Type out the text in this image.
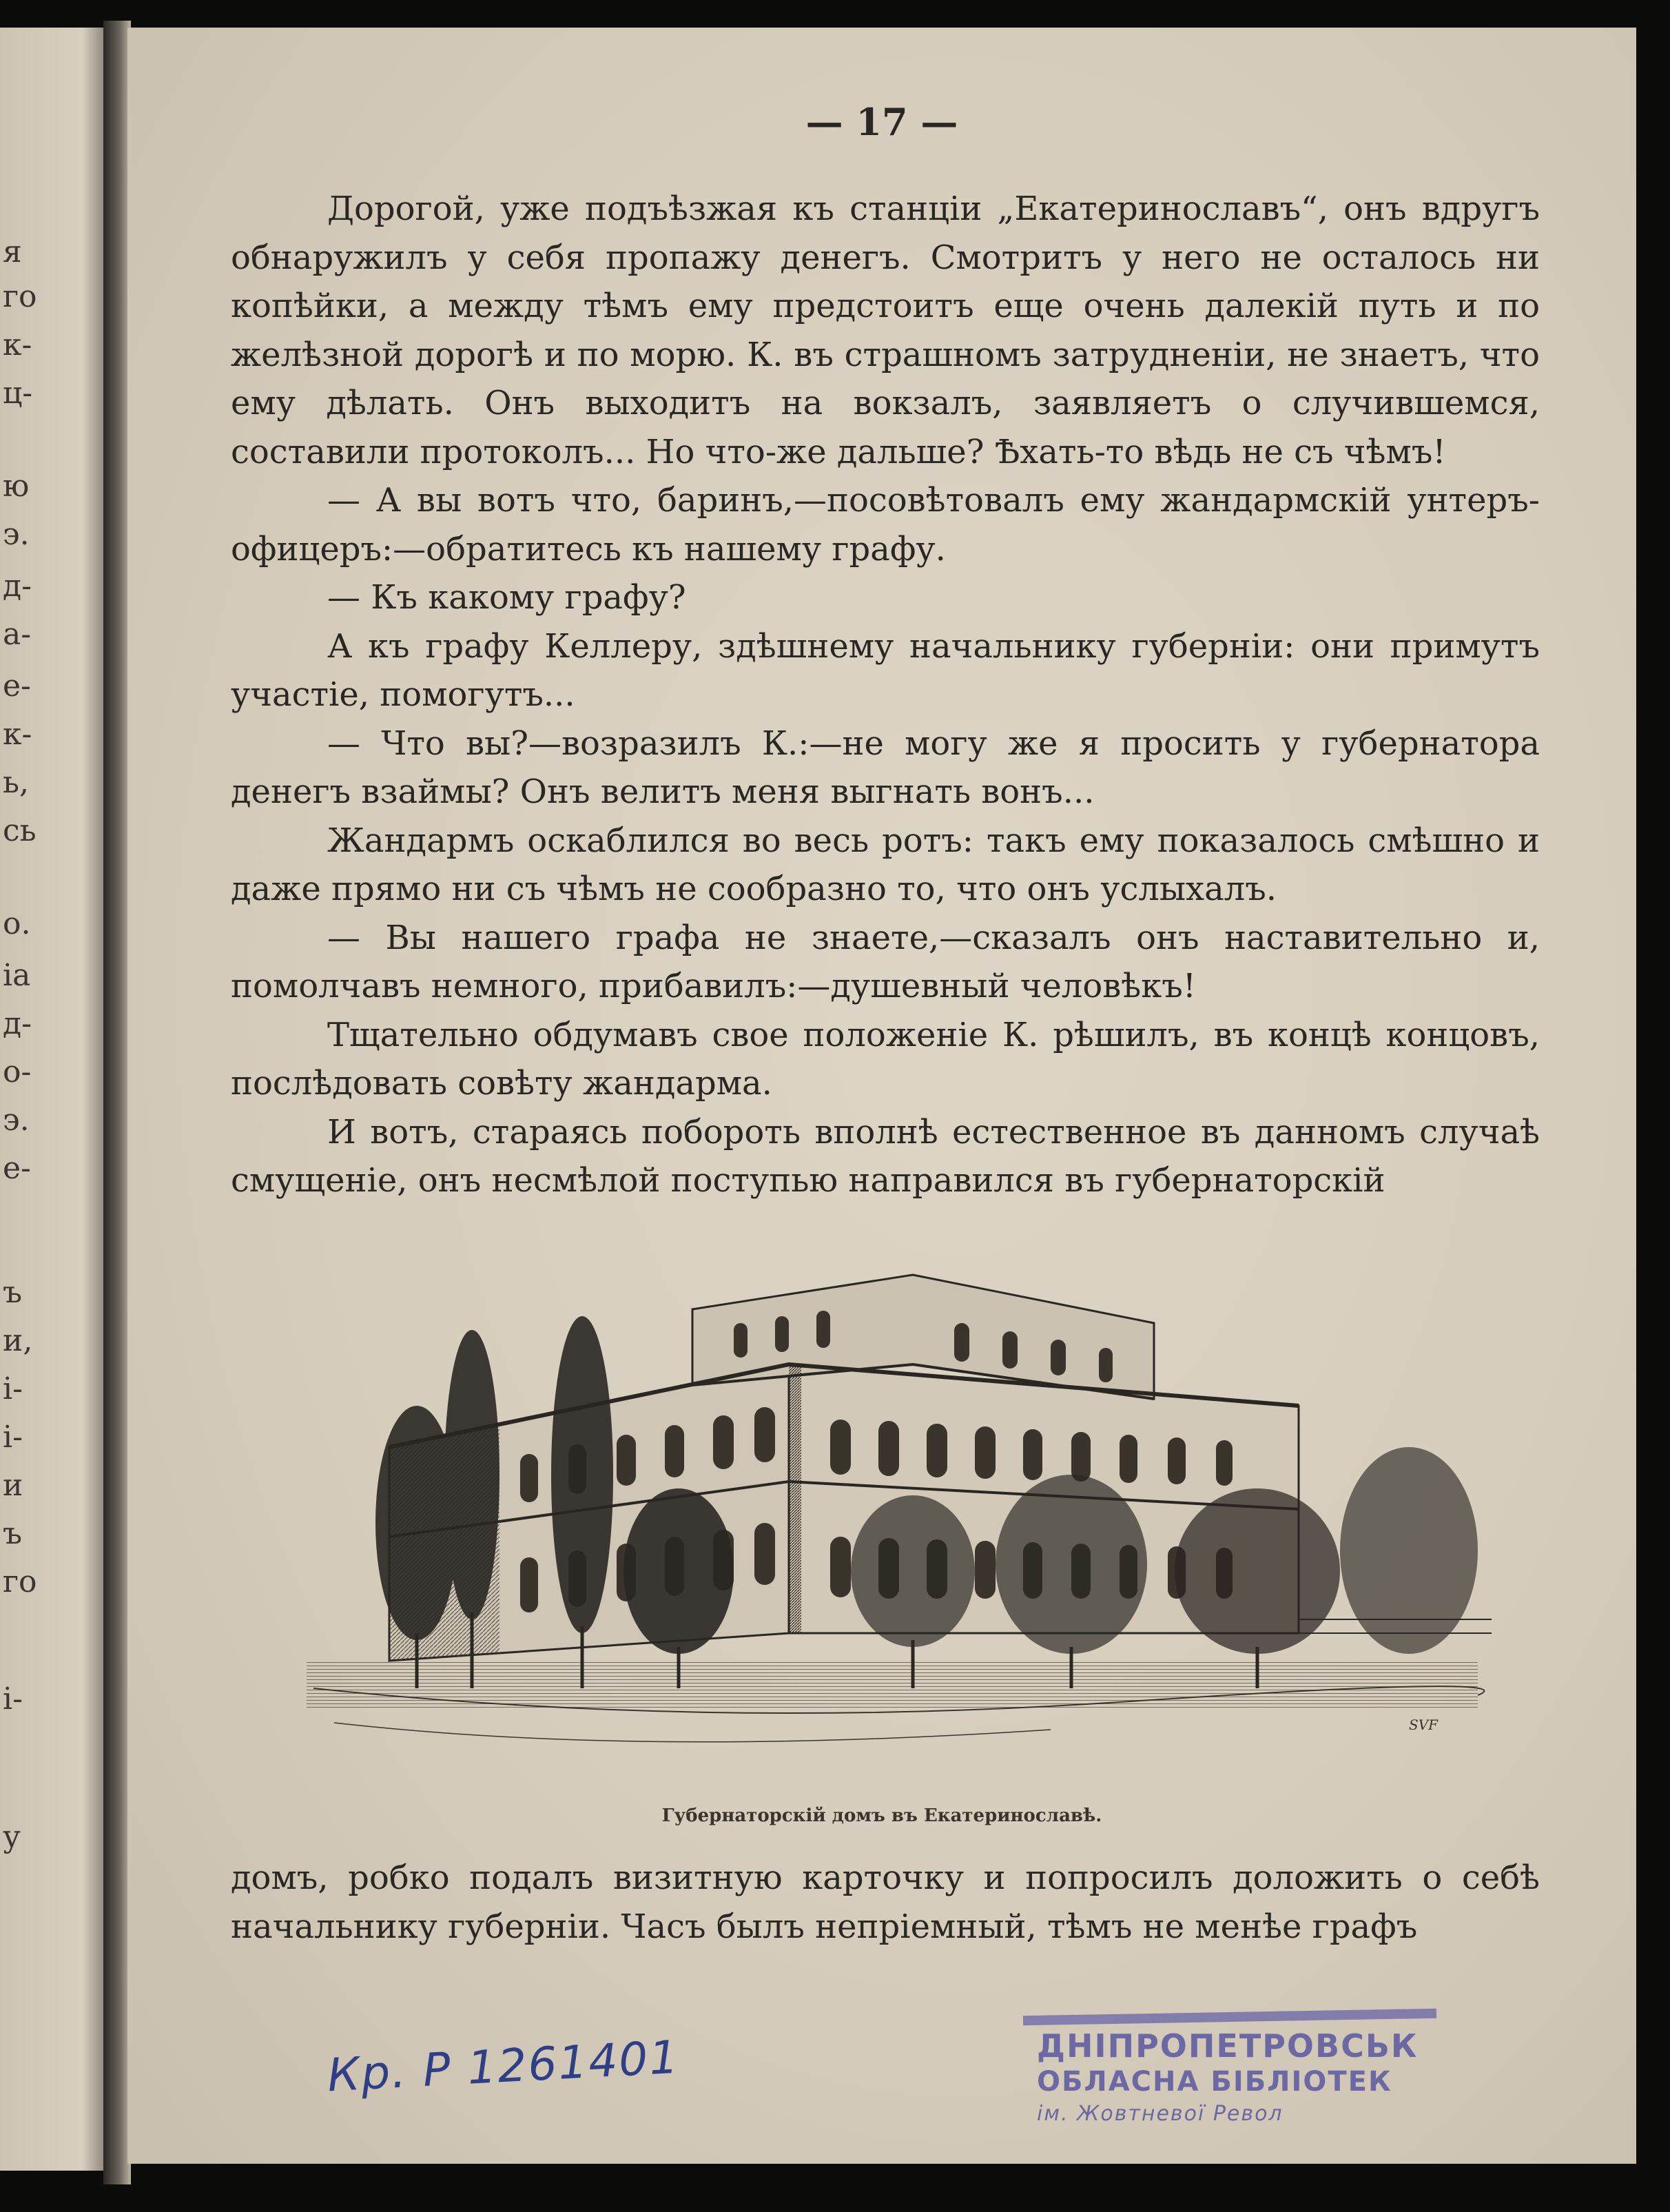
я
го
к-
ц-
ю
э.
д-
а-
е-
к-
ь,
сь
о.
іа
д-
о-
э.
е-
ъ
и,
і-
і-
и
ъ
го
і-
у
— 17 —

Дорогой, уже подъѣзжая къ станціи „Екатеринославъ“, онъ вдругъ обнаружилъ у себя пропажу денегъ. Смотритъ у него не осталось ни копѣйки, а между тѣмъ ему предстоитъ еще очень далекій путь и по желѣзной дорогѣ и по морю. К. въ страшномъ затрудненіи, не знаетъ, что ему дѣлать. Онъ выходитъ на вокзалъ, заявляетъ о случившемся, составили протоколъ... Но что-же дальше? Ѣхать-то вѣдь не съ чѣмъ!

— А вы вотъ что, баринъ,—посовѣтовалъ ему жандармскій унтеръ-офицеръ:—обратитесь къ нашему графу.

— Къ какому графу?

А къ графу Келлеру, здѣшнему начальнику губерніи: они примутъ участіе, помогутъ...

— Что вы?—возразилъ К.:—не могу же я просить у губернатора денегъ взаймы? Онъ велитъ меня выгнать вонъ...

Жандармъ оскаблился во весь ротъ: такъ ему показалось смѣшно и даже прямо ни съ чѣмъ не сообразно то, что онъ услыхалъ.

— Вы нашего графа не знаете,—сказалъ онъ наставительно и, помолчавъ немного, прибавилъ:—душевный человѣкъ!

Тщательно обдумавъ свое положеніе К. рѣшилъ, въ концѣ концовъ, послѣдовать совѣту жандарма.

И вотъ, стараясь побороть вполнѣ естественное въ данномъ случаѣ смущеніе, онъ несмѣлой поступью направился въ губернаторскій

SVF
Губернаторскій домъ въ Екатеринославѣ.

домъ, робко подалъ визитную карточку и попросилъ доложить о себѣ начальнику губерніи. Часъ былъ непріемный, тѣмъ не менѣе графъ

ДНІПРОПЕТРОВСЬК
ОБЛАСНА БІБЛІОТЕК
ім. Жовтневої Револ
Кр. Р 1261401
